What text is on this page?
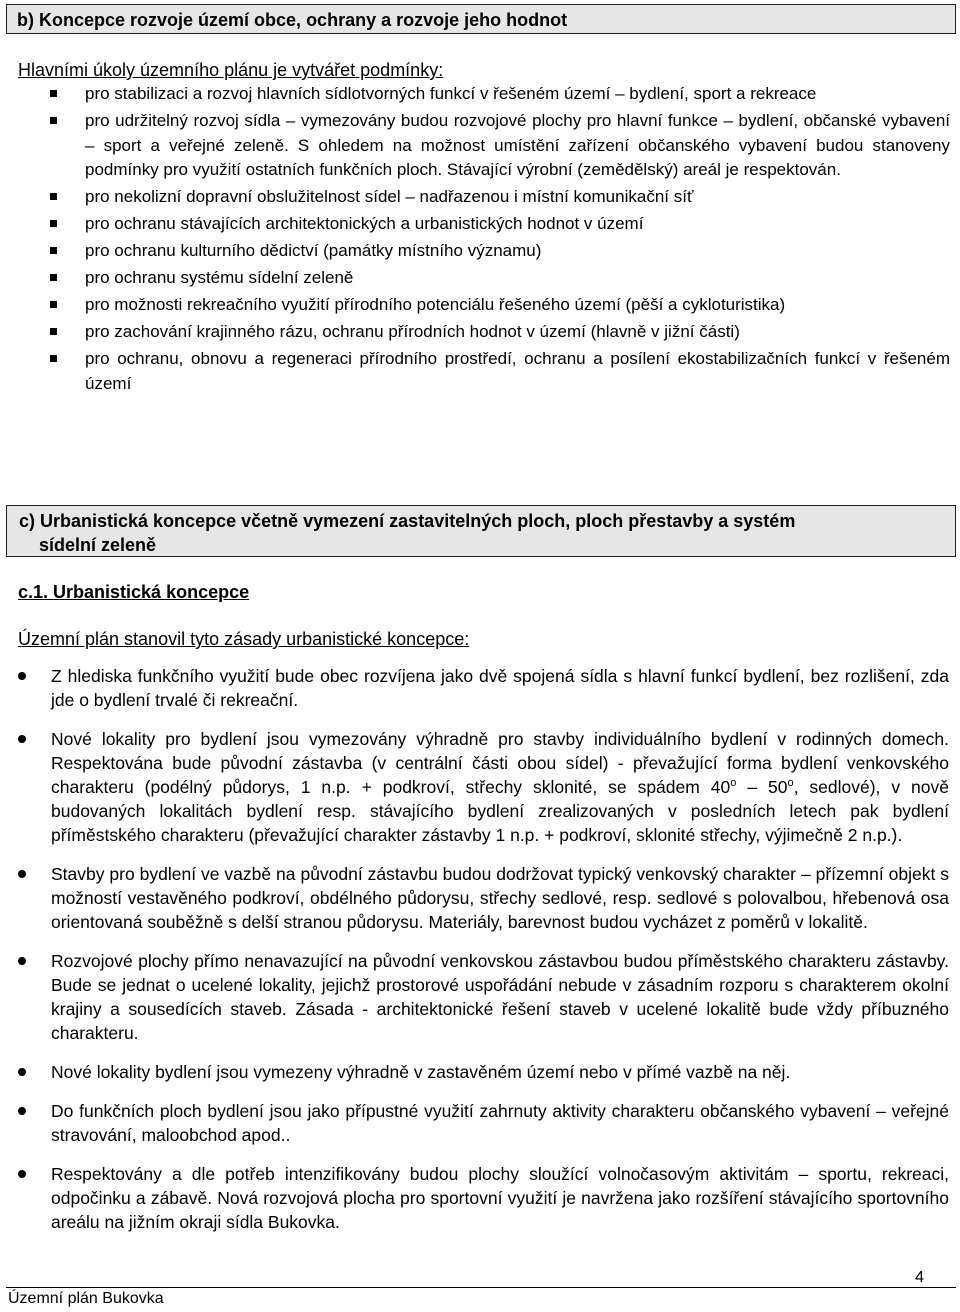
b) Koncepce rozvoje území obce, ochrany a rozvoje jeho hodnot
Hlavními úkoly územního plánu je vytvářet podmínky:
pro stabilizaci a rozvoj hlavních sídlotvorných funkcí v řešeném území – bydlení, sport a rekreace
pro udržitelný rozvoj sídla – vymezovány budou rozvojové plochy pro hlavní funkce – bydlení, občanské vybavení – sport a veřejné zeleně. S ohledem na možnost umístění zařízení občanského vybavení budou stanoveny podmínky pro využití ostatních funkčních ploch. Stávající výrobní (zemědělský) areál je respektován.
pro nekolizní dopravní obslužitelnost sídel – nadřazenou i místní komunikační síť
pro ochranu stávajících architektonických a urbanistických hodnot v území
pro ochranu kulturního dědictví (památky místního významu)
pro ochranu systému sídelní zeleně
pro možnosti rekreačního využití přírodního potenciálu řešeného území (pěší a cykloturistika)
pro zachování krajinného rázu, ochranu přírodních hodnot v území (hlavně v jižní části)
pro ochranu, obnovu a regeneraci přírodního prostředí, ochranu a posílení ekostabilizačních funkcí v řešeném území
c) Urbanistická koncepce včetně vymezení zastavitelných ploch, ploch přestavby a systém
sídelní zeleně
c.1. Urbanistická koncepce
Územní plán stanovil tyto zásady urbanistické koncepce:
Z hlediska funkčního využití bude obec rozvíjena jako dvě spojená sídla s hlavní funkcí bydlení, bez rozlišení, zda jde o bydlení trvalé či rekreační.
Nové lokality pro bydlení jsou vymezovány výhradně pro stavby individuálního bydlení v rodinných domech. Respektována bude původní zástavba (v centrální části obou sídel) - převažující forma bydlení venkovského charakteru (podélný půdorys, 1 n.p. + podkroví, střechy sklonité, se spádem 40$^o$ – 50$^o$, sedlové), v nově budovaných lokalitách bydlení resp. stávajícího bydlení zrealizovaných v posledních letech pak bydlení příměstského charakteru (převažující charakter zástavby 1 n.p. + podkroví, sklonité střechy, výjimečně 2 n.p.).
Stavby pro bydlení ve vazbě na původní zástavbu budou dodržovat typický venkovský charakter – přízemní objekt s možností vestavěného podkroví, obdélného půdorysu, střechy sedlové, resp. sedlové s polovalbou, hřebenová osa orientovaná souběžně s delší stranou půdorysu. Materiály, barevnost budou vycházet z poměrů v lokalitě.
Rozvojové plochy přímo nenavazující na původní venkovskou zástavbou budou příměstského charakteru zástavby. Bude se jednat o ucelené lokality, jejichž prostorové uspořádání nebude v zásadním rozporu s charakterem okolní krajiny a sousedících staveb. Zásada - architektonické řešení staveb v ucelené lokalitě bude vždy příbuzného charakteru.
Nové lokality bydlení jsou vymezeny výhradně v zastavěném území nebo v přímé vazbě na něj.
Do funkčních ploch bydlení jsou jako přípustné využití zahrnuty aktivity charakteru občanského vybavení – veřejné stravování, maloobchod apod..
Respektovány a dle potřeb intenzifikovány budou plochy sloužící volnočasovým aktivitám – sportu, rekreaci, odpočinku a zábavě. Nová rozvojová plocha pro sportovní využití je navržena jako rozšíření stávajícího sportovního areálu na jižním okraji sídla Bukovka.
4
Územní plán Bukovka
